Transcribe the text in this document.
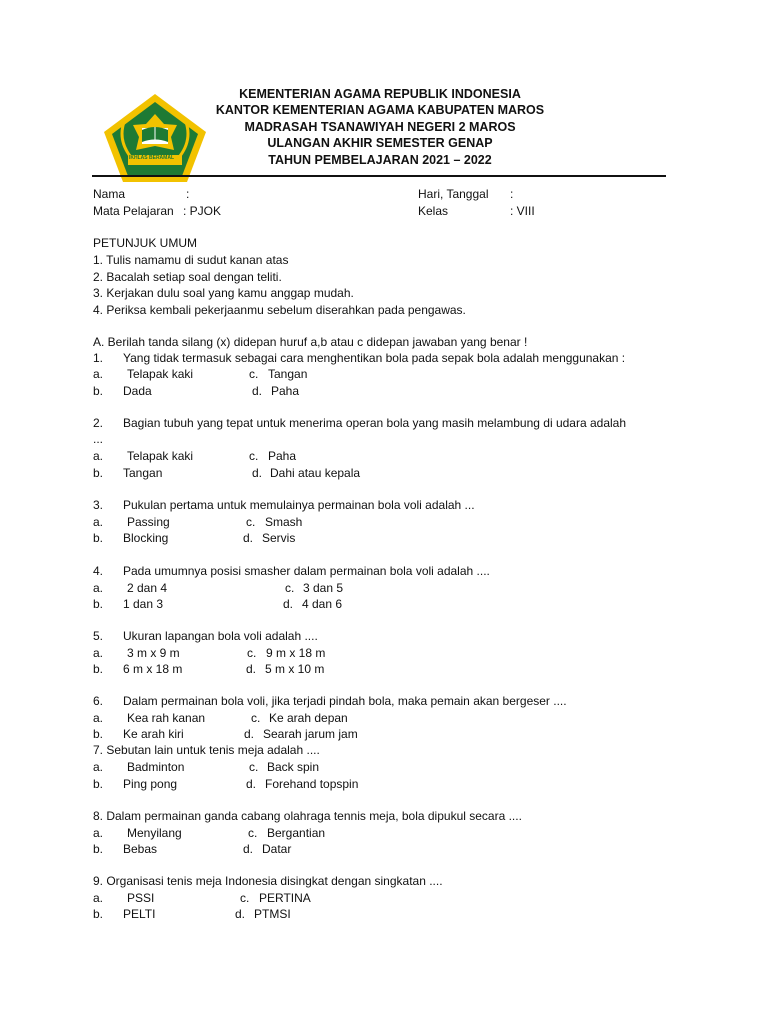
IKHLAS BERAMAL
KEMENTERIAN AGAMA REPUBLIK INDONESIA
KANTOR KEMENTERIAN AGAMA KABUPATEN MAROS
MADRASAH TSANAWIYAH NEGERI 2 MAROS
ULANGAN AKHIR SEMESTER GENAP
TAHUN PEMBELAJARAN 2021 – 2022
Nama	:
Mata Pelajaran : PJOK
Hari, Tanggal :
Kelas	: VIII
PETUNJUK UMUM
1. Tulis namamu di sudut kanan atas
2. Bacalah setiap soal dengan teliti.
3. Kerjakan dulu soal yang kamu anggap mudah.
4. Periksa kembali pekerjaanmu sebelum diserahkan pada pengawas.
A. Berilah tanda silang (x) didepan huruf a,b atau c didepan jawaban yang benar !
1. Yang tidak termasuk sebagai cara menghentikan bola pada sepak bola adalah menggunakan :
a. Telapak kaki	c. Tangan
b. Dada	d. Paha
2. Bagian tubuh yang tepat untuk menerima operan bola yang masih melambung di udara adalah
...
a. Telapak kaki	c. Paha
b. Tangan	d. Dahi atau kepala
3. Pukulan pertama untuk memulainya permainan bola voli adalah ...
a. Passing	c. Smash
b. Blocking	d. Servis
4. Pada umumnya posisi smasher dalam permainan bola voli adalah ....
a. 2 dan 4	c. 3 dan 5
b. 1 dan 3	d. 4 dan 6
5. Ukuran lapangan bola voli adalah ....
a. 3 m x 9 m	c. 9 m x 18 m
b. 6 m x 18 m	d. 5 m x 10 m
6. Dalam permainan bola voli, jika terjadi pindah bola, maka pemain akan bergeser ....
a. Kea rah kanan	c. Ke arah depan
b. Ke arah kiri	d. Searah jarum jam
7. Sebutan lain untuk tenis meja adalah ....
a. Badminton	c. Back spin
b. Ping pong	d. Forehand topspin
8. Dalam permainan ganda cabang olahraga tennis meja, bola dipukul secara ....
a. Menyilang	c. Bergantian
b. Bebas	d. Datar
9. Organisasi tenis meja Indonesia disingkat dengan singkatan ....
a. PSSI	c. PERTINA
b. PELTI	d. PTMSI
